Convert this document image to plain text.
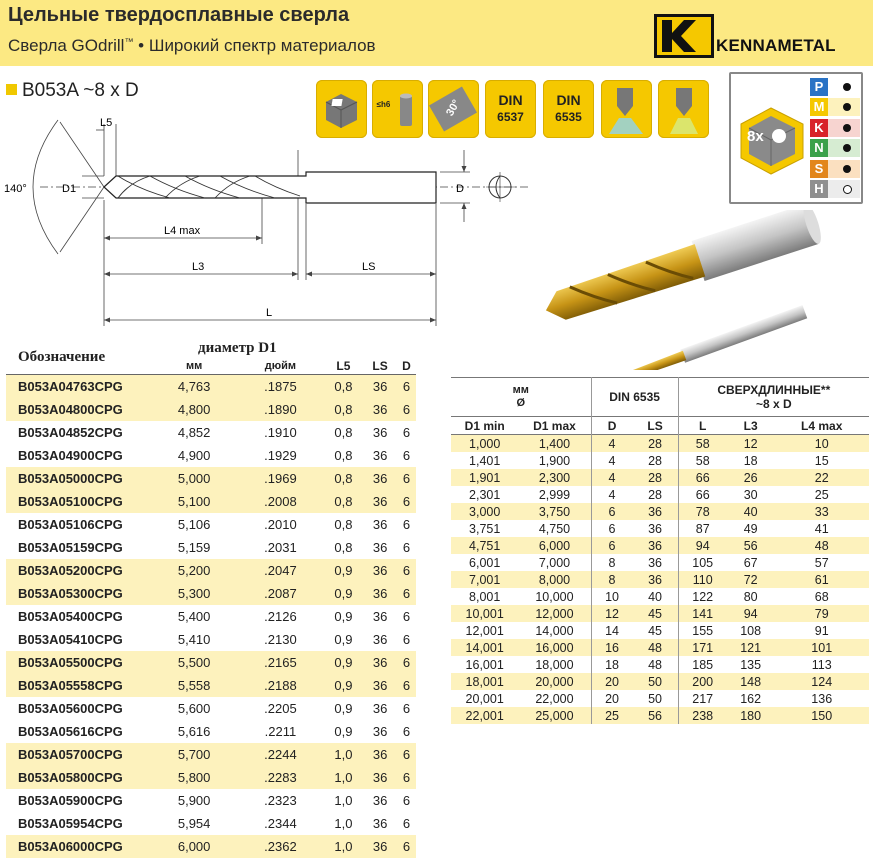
Цельные твердосплавные сверла
Сверла GOdrill™ • Широкий спектр материалов	KENNAMETAL
B053A ~8 x D
≤h6	30°	DIN
6537
DIN
6535
8x
P
M
K
N
S
H
140°
L5
D1	D
L4 max
L3	LS
L
Обозначение	диаметр D1				
	мм	дюйм	L5	LS	D
B053A04763CPG	4,763	.1875	0,8	36	6
B053A04800CPG	4,800	.1890	0,8	36	6
B053A04852CPG	4,852	.1910	0,8	36	6
B053A04900CPG	4,900	.1929	0,8	36	6
B053A05000CPG	5,000	.1969	0,8	36	6
B053A05100CPG	5,100	.2008	0,8	36	6
B053A05106CPG	5,106	.2010	0,8	36	6
B053A05159CPG	5,159	.2031	0,8	36	6
B053A05200CPG	5,200	.2047	0,9	36	6
B053A05300CPG	5,300	.2087	0,9	36	6
B053A05400CPG	5,400	.2126	0,9	36	6
B053A05410CPG	5,410	.2130	0,9	36	6
B053A05500CPG	5,500	.2165	0,9	36	6
B053A05558CPG	5,558	.2188	0,9	36	6
B053A05600CPG	5,600	.2205	0,9	36	6
B053A05616CPG	5,616	.2211	0,9	36	6
B053A05700CPG	5,700	.2244	1,0	36	6
B053A05800CPG	5,800	.2283	1,0	36	6
B053A05900CPG	5,900	.2323	1,0	36	6
B053A05954CPG	5,954	.2344	1,0	36	6
B053A06000CPG	6,000	.2362	1,0	36	6
мм
Ø		DIN 6535		СВЕРХДЛИННЫЕ**
~8 x D		
D1 min	D1 max	D	LS	L	L3	L4 max
1,000	1,400	4	28	58	12	10
1,401	1,900	4	28	58	18	15
1,901	2,300	4	28	66	26	22
2,301	2,999	4	28	66	30	25
3,000	3,750	6	36	78	40	33
3,751	4,750	6	36	87	49	41
4,751	6,000	6	36	94	56	48
6,001	7,000	8	36	105	67	57
7,001	8,000	8	36	110	72	61
8,001	10,000	10	40	122	80	68
10,001	12,000	12	45	141	94	79
12,001	14,000	14	45	155	108	91
14,001	16,000	16	48	171	121	101
16,001	18,000	18	48	185	135	113
18,001	20,000	20	50	200	148	124
20,001	22,000	20	50	217	162	136
22,001	25,000	25	56	238	180	150
